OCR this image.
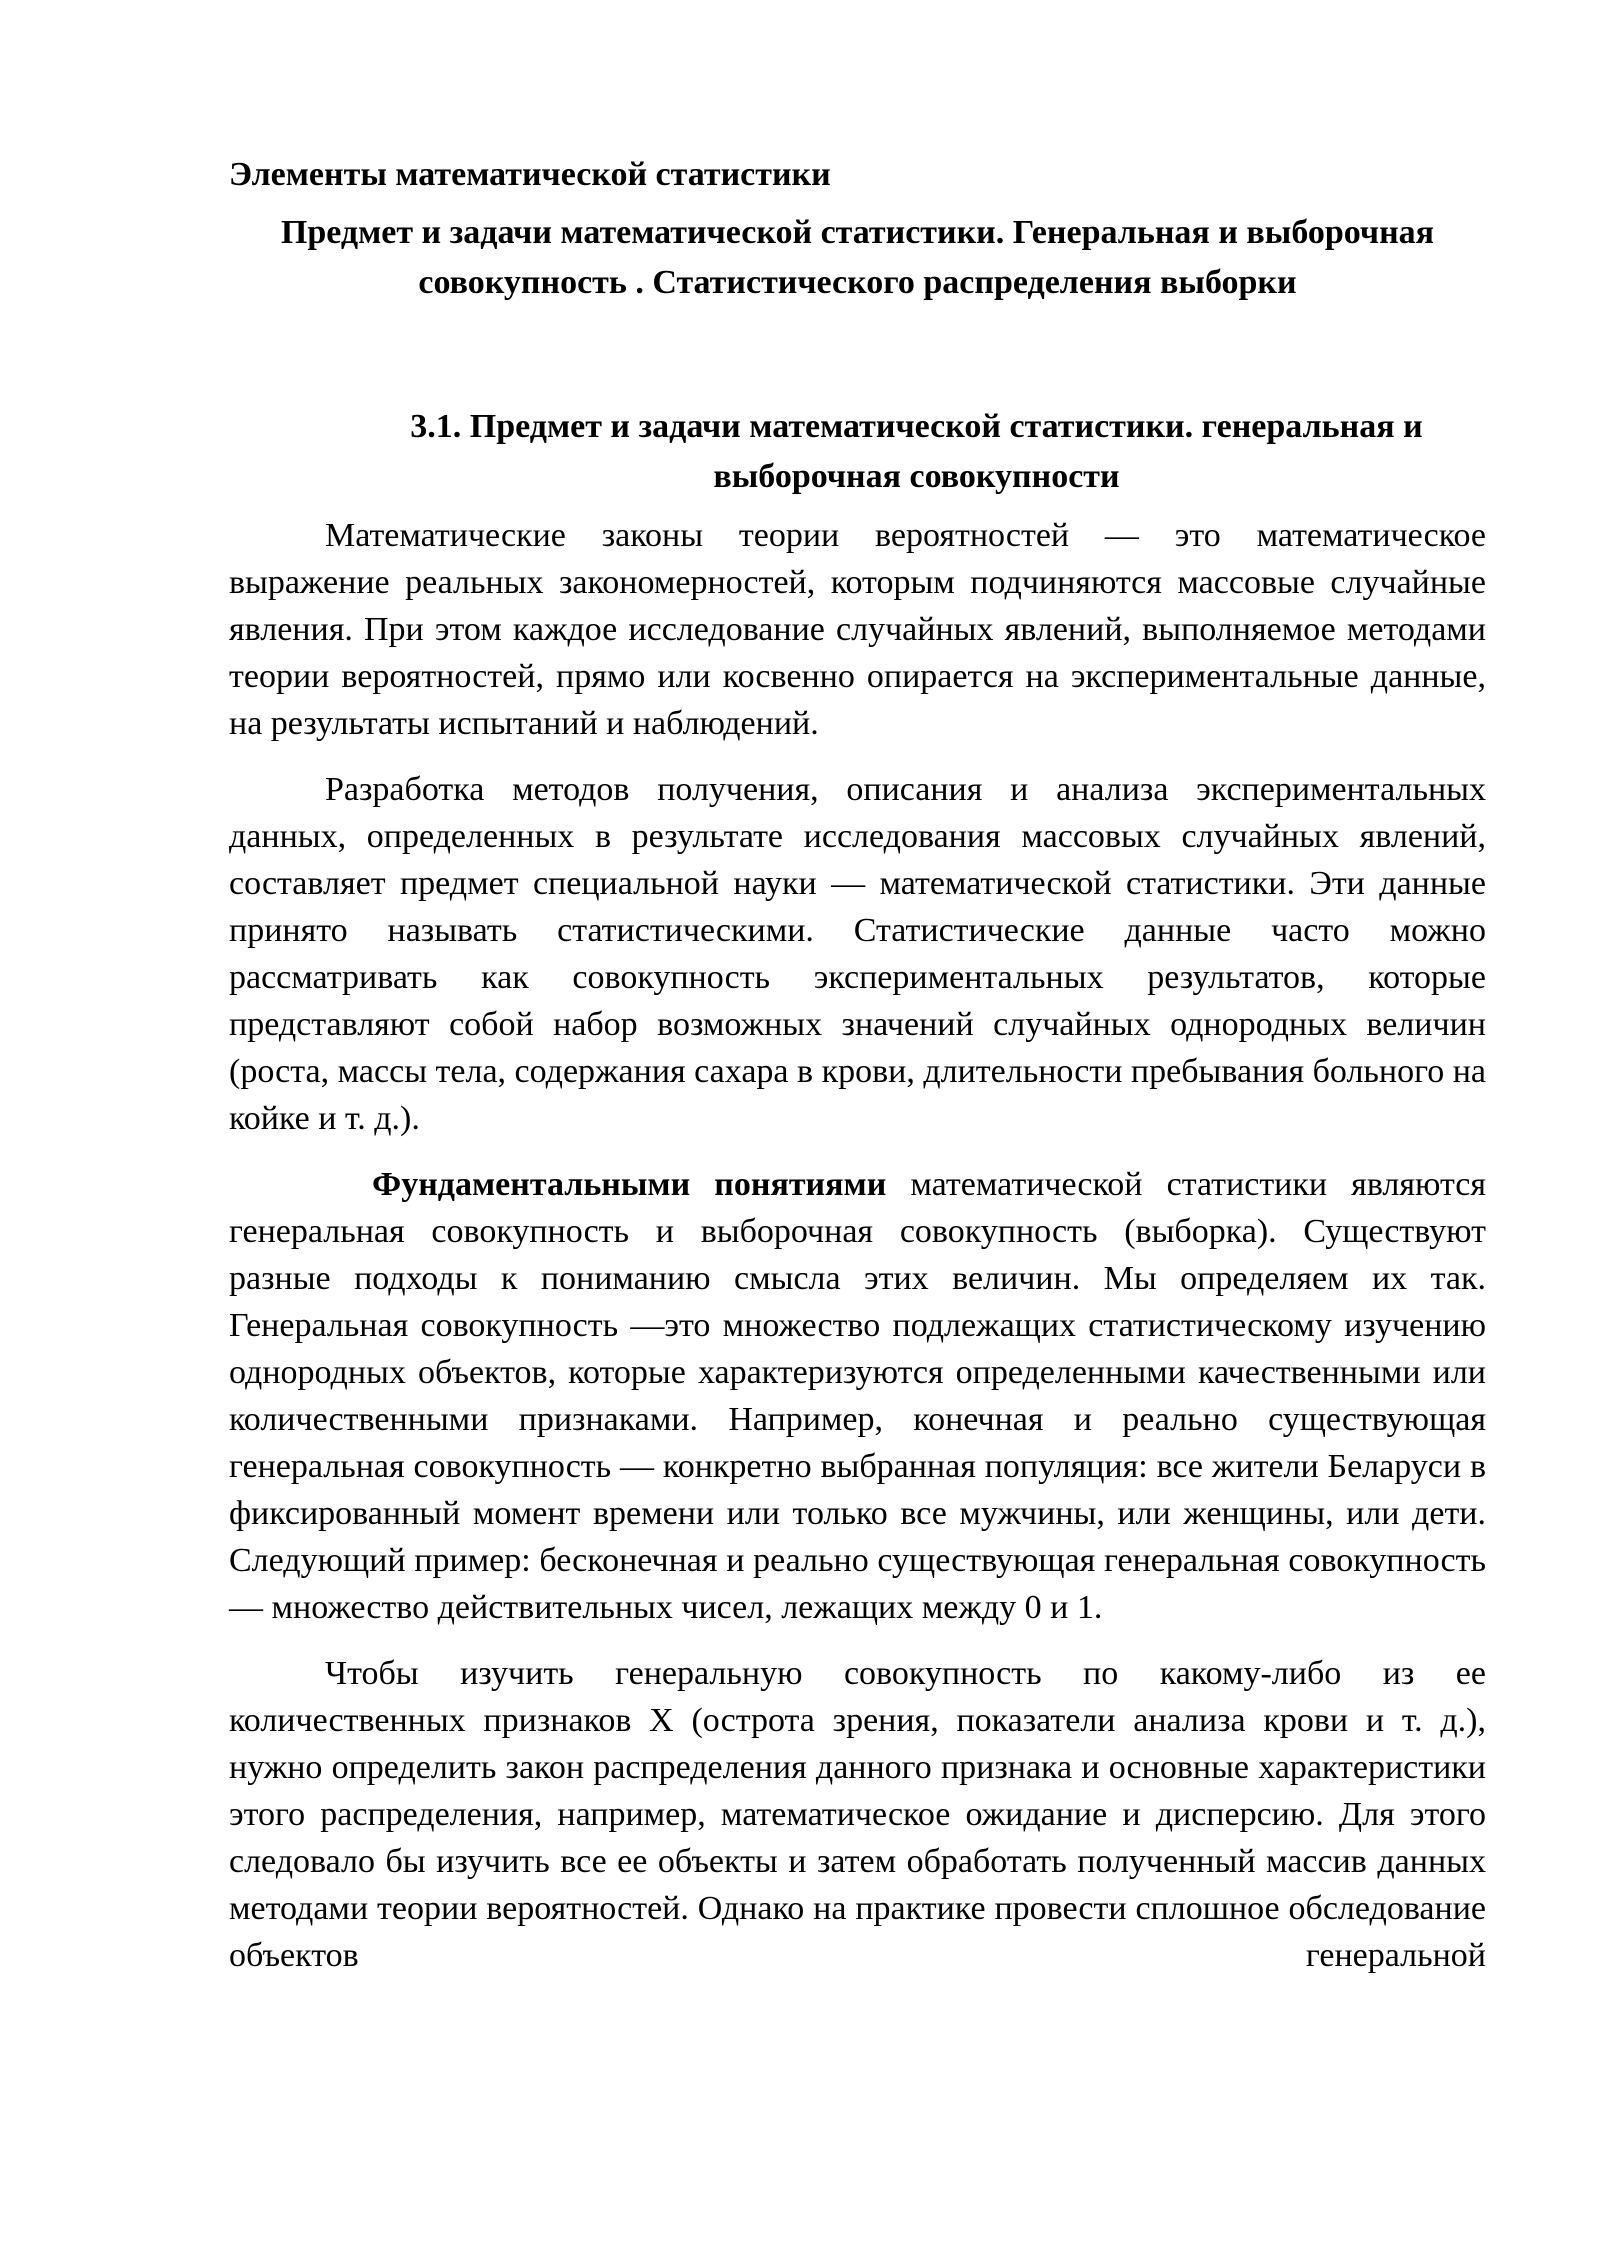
Элементы математической статистики
Предмет и задачи математической статистики. Генеральная и выборочная совокупность . Статистического распределения выборки
3.1. Предмет и задачи математической статистики. генеральная и выборочная совокупности

Математические законы теории вероятностей — это математическое выражение реальных закономерностей, которым подчиняются массовые случайные явления. При этом каждое исследование случайных явлений, выполняемое методами теории вероятностей, прямо или косвенно опирается на экспериментальные данные, на результаты испытаний и наблюдений.

Разработка методов получения, описания и анализа экспериментальных данных, определенных в результате исследования массовых случайных явлений, составляет предмет специальной науки — математической статистики. Эти данные принято называть статистическими. Статистические данные часто можно рассматривать как совокупность экспериментальных результатов, которые представляют собой набор возможных значений случайных однородных величин (роста, массы тела, содержания сахара в крови, длительности пребывания больного на койке и т. д.).

Фундаментальными понятиями математической статистики являются генеральная совокупность и выборочная совокупность (выборка). Существуют разные подходы к пониманию смысла этих величин. Мы определяем их так. Генеральная совокупность —это множество подлежащих статистическому изучению однородных объектов, которые характеризуются определенными качественными или количественными признаками. Например, конечная и реально существующая генеральная совокупность — конкретно выбранная популяция: все жители Беларуси в фиксированный момент времени или только все мужчины, или женщины, или дети. Следующий пример: бесконечная и реально существующая генеральная совокупность — множество действительных чисел, лежащих между 0 и 1.

Чтобы изучить генеральную совокупность по какому-либо из ее количественных признаков X (острота зрения, показатели анализа крови и т. д.), нужно определить закон распределения данного признака и основные характеристики этого распределения, например, математическое ожидание и дисперсию. Для этого следовало бы изучить все ее объекты и затем обработать полученный массив данных методами теории вероятностей. Однако на практике провести сплошное обследование объектов генеральной
